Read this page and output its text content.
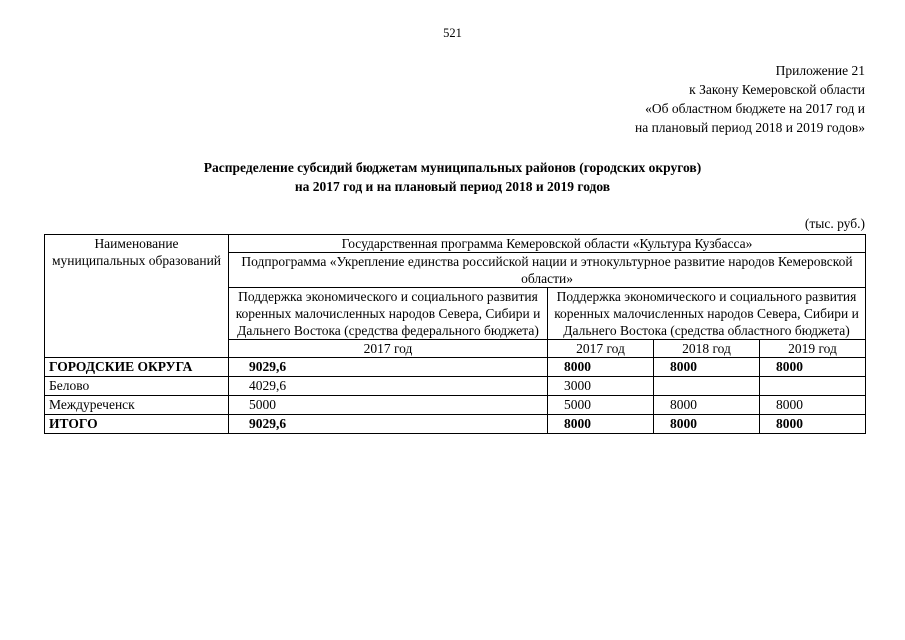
521
Приложение 21
к Закону Кемеровской области
«Об областном бюджете на 2017 год и
на плановый период 2018 и 2019 годов»
Распределение субсидий бюджетам муниципальных районов (городских округов)
на 2017 год и на плановый период 2018 и 2019 годов
(тыс. руб.)
Наименование муниципальных образований	Государственная программа Кемеровской области «Культура Кузбасса»			
	Подпрограмма «Укрепление единства российской нации и этнокультурное развитие народов Кемеровской области»			
	Поддержка экономического и социального развития коренных малочисленных народов Севера, Сибири и Дальнего Востока (средства федерального бюджета)	Поддержка экономического и социального развития коренных малочисленных народов Севера, Сибири и Дальнего Востока (средства областного бюджета)		
	2017 год	2017 год	2018 год	2019 год
ГОРОДСКИЕ ОКРУГА	9029,6	8000	8000	8000
Белово	4029,6	3000		
Междуреченск	5000	5000	8000	8000
ИТОГО	9029,6	8000	8000	8000
